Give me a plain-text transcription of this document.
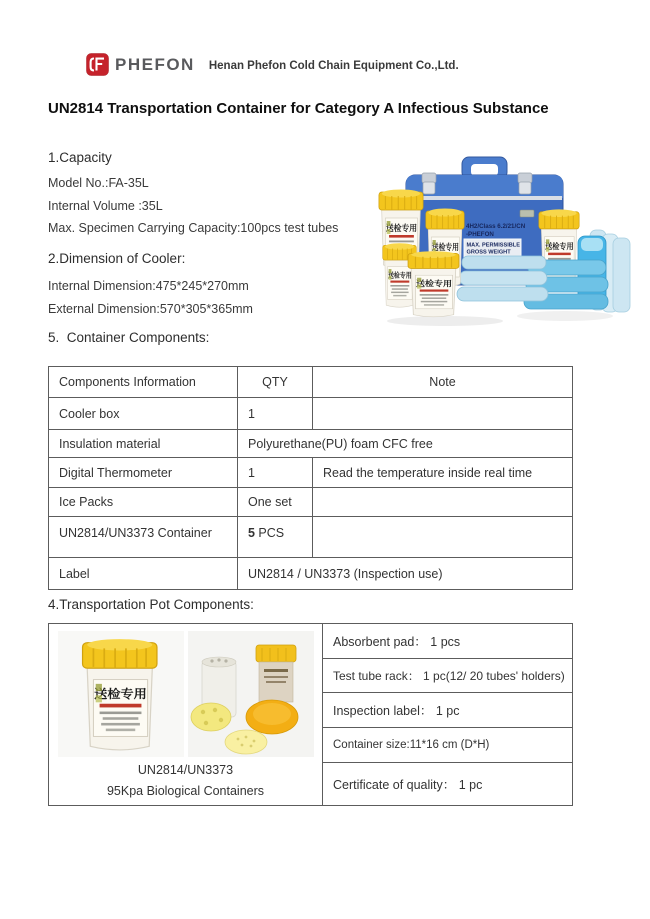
PHEFON Henan Phefon Cold Chain Equipment Co.,Ltd.
UN2814 Transportation Container for Category A Infectious Substance
1.Capacity
Model No.:FA-35L
Internal Volume :35L
Max. Specimen Carrying Capacity:100pcs test tubes
2.Dimension of Cooler:
Internal Dimension:475*245*270mm
External Dimension:570*305*365mm
5.  Container Components:
送检专用
4H2/Class 6.2/21/CN
-PHEFON
MAX. PERMISSIBLE
GROSS WEIGHT
Components Information	QTY	Note
Cooler box	1	
Insulation material	Polyurethane(PU) foam CFC free	
Digital Thermometer	1	Read the temperature inside real time
Ice Packs	One set	
UN2814/UN3373 Container	5 PCS	
Label	UN2814 / UN3373 (Inspection use)	
4.Transportation Pot Components:
UN2814/UN3373
95Kpa Biological Containers
	Absorbent pad： 1 pcs
Test tube rack： 1 pc(12/ 20 tubes' holders)
Inspection label： 1 pc
Container size:11*16 cm (D*H)
Certificate of quality： 1 pc
